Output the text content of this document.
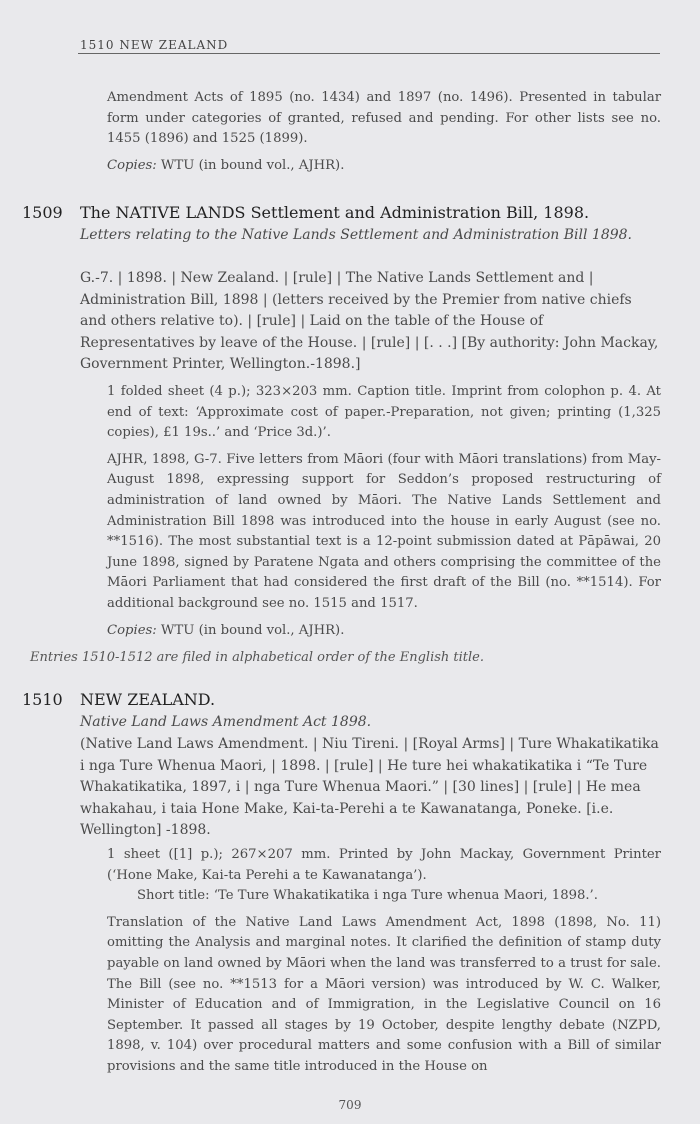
1510 NEW ZEALAND

Amendment Acts of 1895 (no. 1434) and 1897 (no. 1496). Presented in tabular form under categories of granted, refused and pending. For other lists see no. 1455 (1896) and 1525 (1899).

Copies: WTU (in bound vol., AJHR).

1509 The NATIVE LANDS Settlement and Administration Bill, 1898.
Letters relating to the Native Lands Settlement and Administration Bill 1898.
G.-7. | 1898. | New Zealand. | [rule] | The Native Lands Settlement and | Administration Bill, 1898 | (letters received by the Premier from native chiefs and others relative to). | [rule] | Laid on the table of the House of Representatives by leave of the House. | [rule] | [. . .] [By authority: John Mackay, Government Printer, Wellington.-1898.]

1 folded sheet (4 p.); 323×203 mm. Caption title. Imprint from colophon p. 4. At end of text: ‘Approximate cost of paper.-Preparation, not given; printing (1,325 copies), £1 19s..’ and ‘Price 3d.)’.

AJHR, 1898, G-7. Five letters from Māori (four with Māori translations) from May-August 1898, expressing support for Seddon’s proposed restructuring of administration of land owned by Māori. The Native Lands Settlement and Administration Bill 1898 was introduced into the house in early August (see no. **1516). The most substantial text is a 12-point submission dated at Pāpāwai, 20 June 1898, signed by Paratene Ngata and others comprising the committee of the Māori Parliament that had considered the first draft of the Bill (no. **1514). For additional background see no. 1515 and 1517.

Copies: WTU (in bound vol., AJHR).

Entries 1510-1512 are filed in alphabetical order of the English title.
1510 NEW ZEALAND.
Native Land Laws Amendment Act 1898.
(Native Land Laws Amendment. | Niu Tireni. | [Royal Arms] | Ture Whakatikatika i nga Ture Whenua Maori, | 1898. | [rule] | He ture hei whakatikatika i “Te Ture Whakatikatika, 1897, i | nga Ture Whenua Maori.” | [30 lines] | [rule] | He mea whakahau, i taia Hone Make, Kai-ta-Perehi a te Kawanatanga, Poneke. [i.e. Wellington] -1898.

1 sheet ([1] p.); 267×207 mm. Printed by John Mackay, Government Printer (‘Hone Make, Kai-ta Perehi a te Kawanatanga’).

Short title: ‘Te Ture Whakatikatika i nga Ture whenua Maori, 1898.’.

Translation of the Native Land Laws Amendment Act, 1898 (1898, No. 11) omitting the Analysis and marginal notes. It clarified the definition of stamp duty payable on land owned by Māori when the land was transferred to a trust for sale. The Bill (see no. **1513 for a Māori version) was introduced by W. C. Walker, Minister of Education and of Immigration, in the Legislative Council on 16 September. It passed all stages by 19 October, despite lengthy debate (NZPD, 1898, v. 104) over procedural matters and some confusion with a Bill of similar provisions and the same title introduced in the House on

709
